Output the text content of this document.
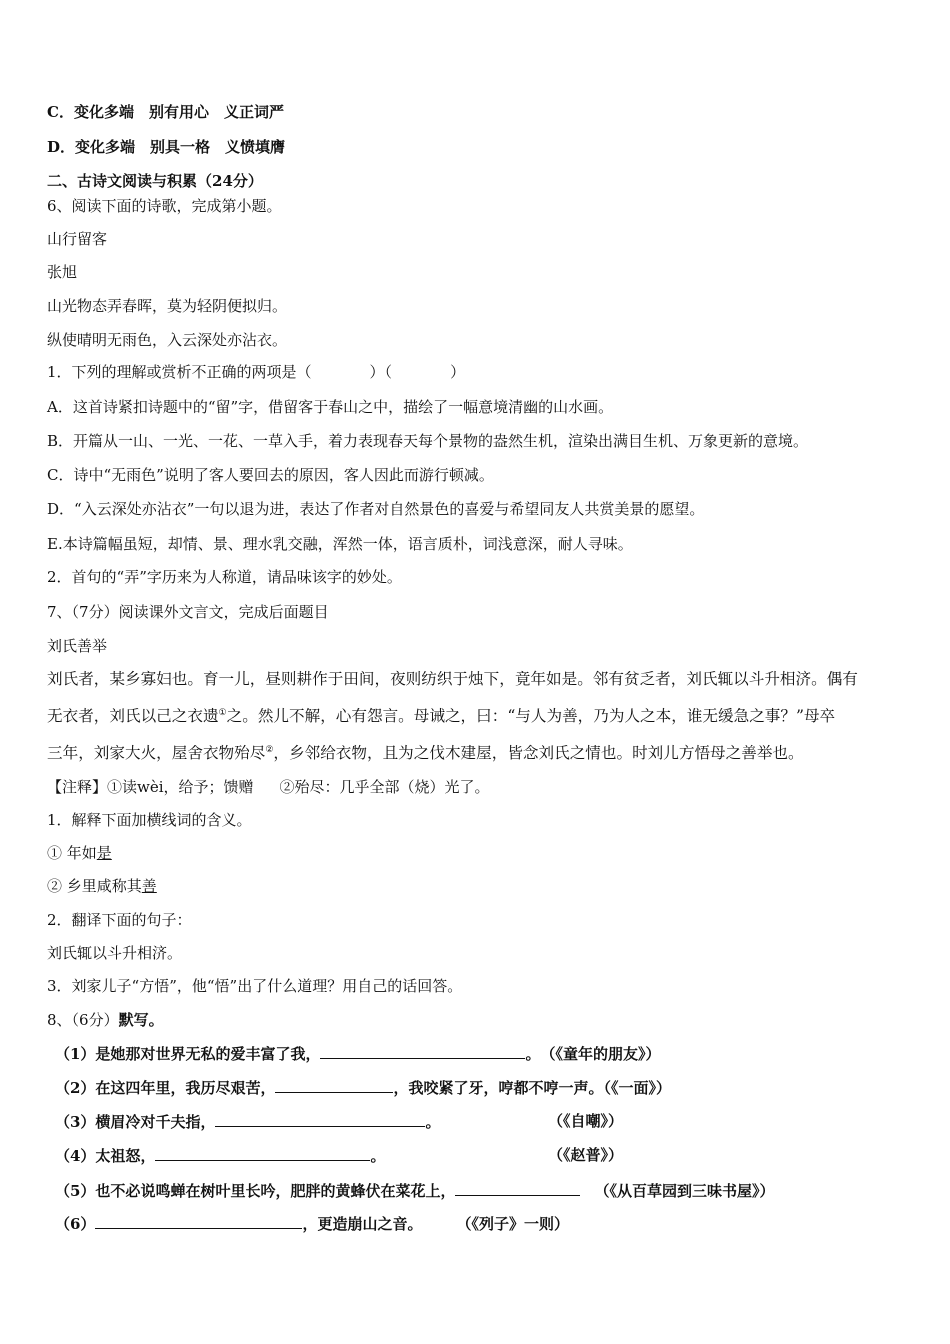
C．变化多端　别有用心　义正词严
D．变化多端　别具一格　义愤填膺
二、古诗文阅读与积累（24分）
6、阅读下面的诗歌，完成第小题。
山行留客
张旭
山光物态弄春晖，莫为轻阴便拟归。
纵使晴明无雨色，入云深处亦沾衣。
1．下列的理解或赏析不正确的两项是（	）（	）
A．这首诗紧扣诗题中的“留”字，借留客于春山之中，描绘了一幅意境清幽的山水画。
B．开篇从一山、一光、一花、一草入手，着力表现春天每个景物的盎然生机，渲染出满目生机、万象更新的意境。
C．诗中“无雨色”说明了客人要回去的原因，客人因此而游行顿减。
D．“入云深处亦沾衣”一句以退为进，表达了作者对自然景色的喜爱与希望同友人共赏美景的愿望。
E.本诗篇幅虽短，却情、景、理水乳交融，浑然一体，语言质朴，词浅意深，耐人寻味。
2．首句的“弄”字历来为人称道，请品味该字的妙处。
7、（7分）阅读课外文言文，完成后面题目
刘氏善举
刘氏者，某乡寡妇也。育一儿，昼则耕作于田间，夜则纺织于烛下，竟年如是。邻有贫乏者，刘氏辄以斗升相济。偶有
无衣者，刘氏以己之衣遗①之。然儿不解，心有怨言。母诫之，曰：“与人为善，乃为人之本，谁无缓急之事？”母卒
三年，刘家大火，屋舍衣物殆尽②，乡邻给衣物，且为之伐木建屋，皆念刘氏之情也。时刘儿方悟母之善举也。
【注释】①读wèi，给予；馈赠 ②殆尽：几乎全部（烧）光了。
1．解释下面加横线词的含义。
① 年如是
② 乡里咸称其善
2．翻译下面的句子：
刘氏辄以斗升相济。
3．刘家儿子“方悟”，他“悟”出了什么道理？用自己的话回答。
8、（6分）默写。
（1）是她那对世界无私的爱丰富了我，	。　（《童年的朋友》）
（2）在这四年里，我历尽艰苦，	，我咬紧了牙，哼都不哼一声。（《一面》）
（3）横眉冷对千夫指，	。	（《自嘲》）
（4）太祖怒，	。	（《赵普》）
（5）也不必说鸣蝉在树叶里长吟，肥胖的黄蜂伏在菜花上，	（《从百草园到三味书屋》）
（6）	，更造崩山之音。 （《列子》一则）
